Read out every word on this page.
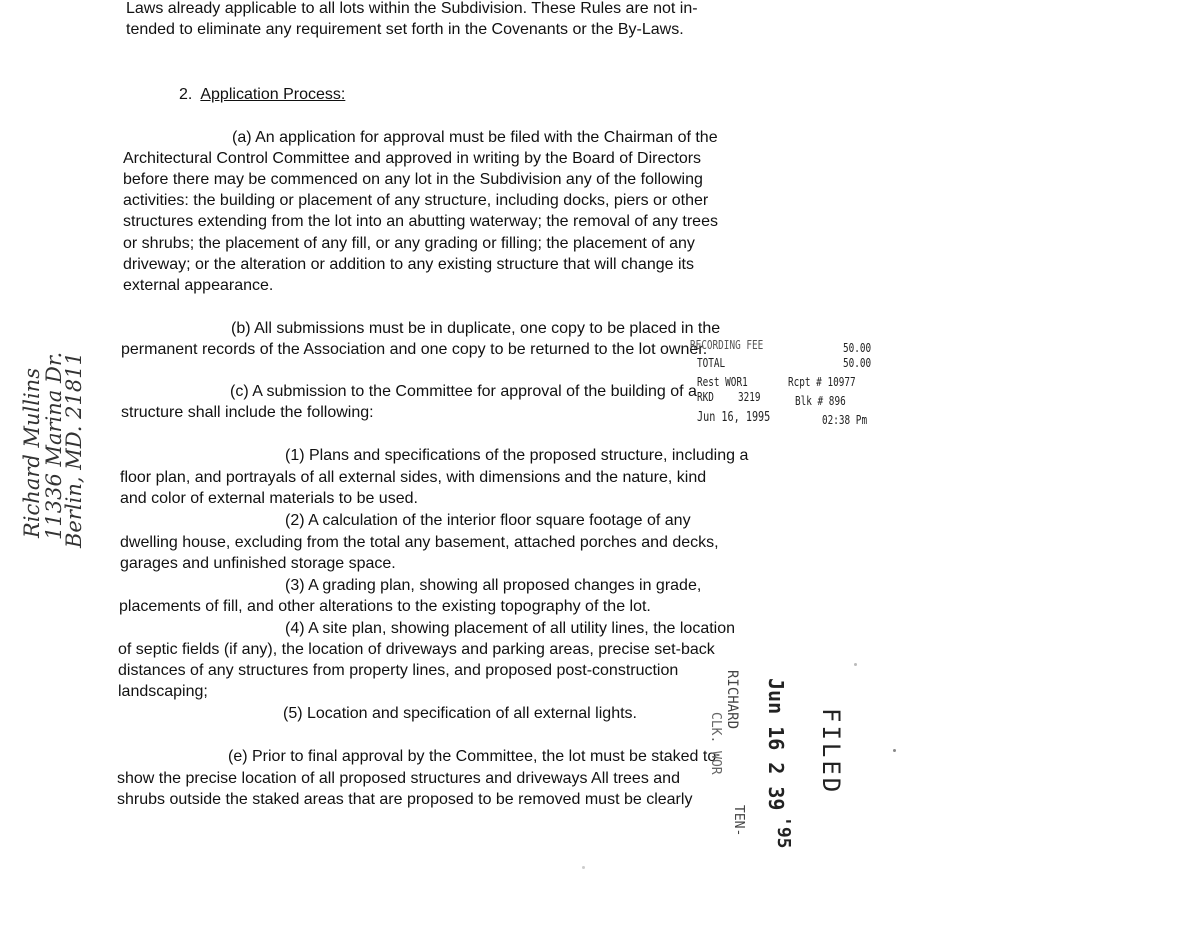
Laws already applicable to all lots within the Subdivision. These Rules are not in-

tended to eliminate any requirement set forth in the Covenants or the By-Laws.

2. Application Process:

(a) An application for approval must be filed with the Chairman of the

Architectural Control Committee and approved in writing by the Board of Directors

before there may be commenced on any lot in the Subdivision any of the following

activities: the building or placement of any structure, including docks, piers or other

structures extending from the lot into an abutting waterway; the removal of any trees

or shrubs; the placement of any fill, or any grading or filling; the placement of any

driveway; or the alteration or addition to any existing structure that will change its

external appearance.

(b) All submissions must be in duplicate, one copy to be placed in the

permanent records of the Association and one copy to be returned to the lot owner.

(c) A submission to the Committee for approval of the building of a

structure shall include the following:

(1) Plans and specifications of the proposed structure, including a

floor plan, and portrayals of all external sides, with dimensions and the nature, kind

and color of external materials to be used.

(2) A calculation of the interior floor square footage of any

dwelling house, excluding from the total any basement, attached porches and decks,

garages and unfinished storage space.

(3) A grading plan, showing all proposed changes in grade,

placements of fill, and other alterations to the existing topography of the lot.

(4) A site plan, showing placement of all utility lines, the location

of septic fields (if any), the location of driveways and parking areas, precise set-back

distances of any structures from property lines, and proposed post-construction

landscaping;

(5) Location and specification of all external lights.

(e) Prior to final approval by the Committee, the lot must be staked to

show the precise location of all proposed structures and driveways All trees and

shrubs outside the staked areas that are proposed to be removed must be clearly

RECORDING FEE	50.00
TOTAL	50.00
Rest WOR1	Rcpt # 10977
RKD 3219	Blk # 896
Jun 16, 1995	02:38 Pm
FILED
Jun 16 2 39
'95
RICHARD
CLK. WOR
TEN-
Richard Mullins
11336 Marina Dr.
Berlin, MD. 21811
